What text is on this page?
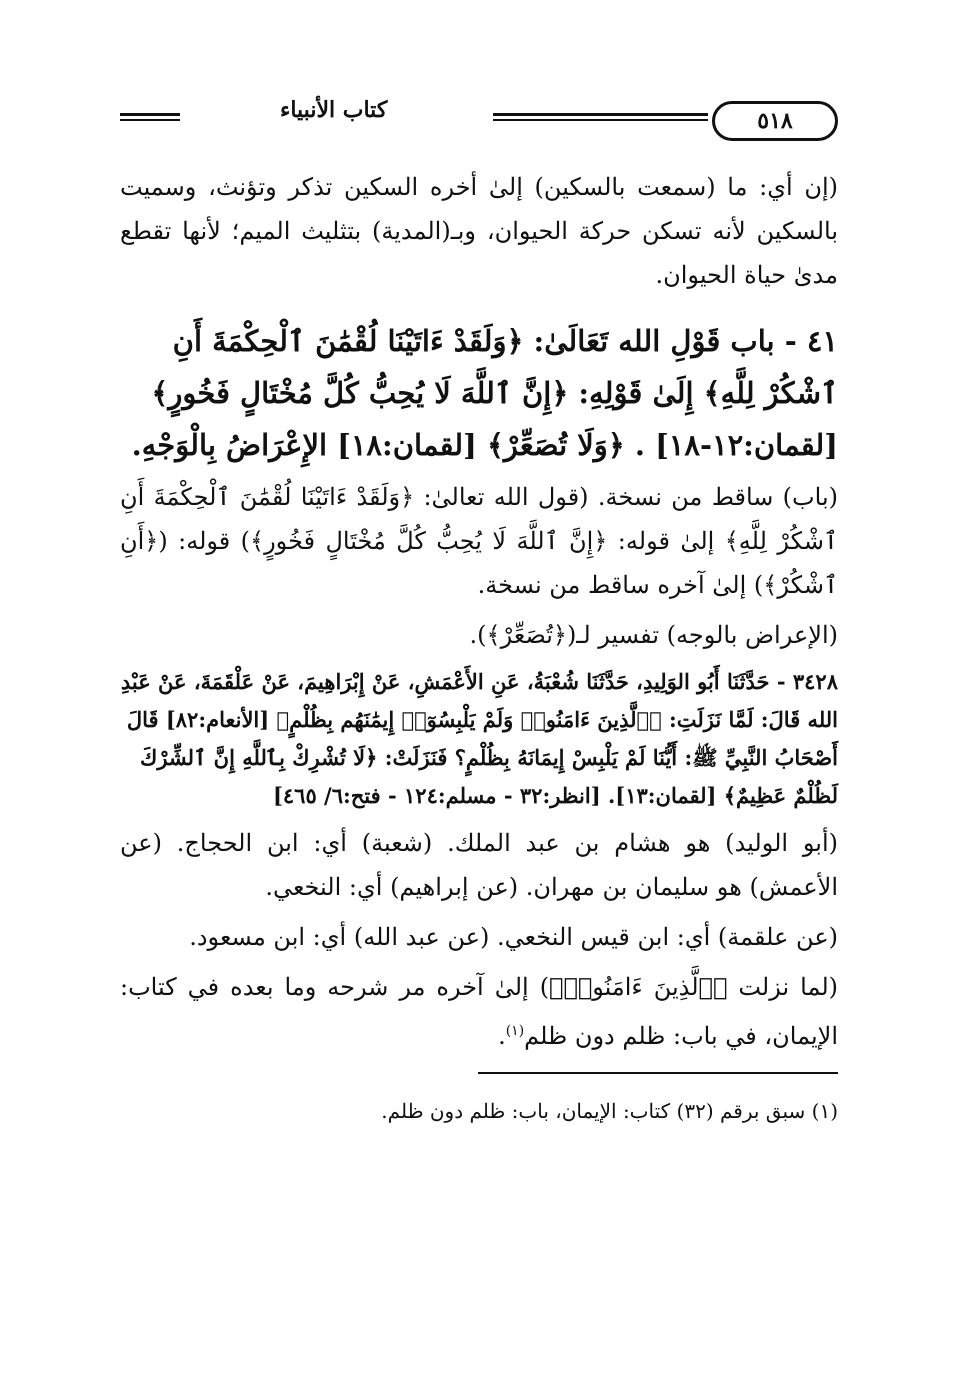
٥١٨
كتاب الأنبياء

(إن أي: ما (سمعت بالسكين) إلىٰ أخره السكين تذكر وتؤنث، وسميت بالسكين لأنه تسكن حركة الحيوان، وبـ(المدية) بتثليث الميم؛ لأنها تقطع مدىٰ حياة الحيوان.

٤١ - باب قَوْلِ الله تَعَالَىٰ: ﴿وَلَقَدْ ءَاتَيْنَا لُقْمَٰنَ ٱلْحِكْمَةَ أَنِ ٱشْكُرْ لِلَّهِ﴾ إِلَىٰ قَوْلِهِ: ﴿إِنَّ ٱللَّهَ لَا يُحِبُّ كُلَّ مُخْتَالٍ فَخُورٍ﴾ [لقمان:١٢-١٨] . ﴿وَلَا تُصَعِّرْ﴾ [لقمان:١٨] الإِعْرَاضُ بِالْوَجْهِ.

(باب) ساقط من نسخة. (قول الله تعالىٰ: ﴿وَلَقَدْ ءَاتَيْنَا لُقْمَٰنَ ٱلْحِكْمَةَ أَنِ ٱشْكُرْ لِلَّهِ﴾ إلىٰ قوله: ﴿إِنَّ ٱللَّهَ لَا يُحِبُّ كُلَّ مُخْتَالٍ فَخُورٍ﴾) قوله: (﴿أَنِ ٱشْكُرْ﴾) إلىٰ آخره ساقط من نسخة.

(الإعراض بالوجه) تفسير لـ(﴿تُصَعِّرْ﴾).

٣٤٢٨ - حَدَّثَنَا أَبُو الوَلِيدِ، حَدَّثَنَا شُعْبَةُ، عَنِ الأَعْمَشِ، عَنْ إِبْرَاهِيمَ، عَنْ عَلْقَمَةَ، عَنْ عَبْدِ الله قَالَ: لَمَّا نَزَلَتِ: ﴿ٱلَّذِينَ ءَامَنُوا۟ وَلَمْ يَلْبِسُوٓا۟ إِيمَٰنَهُم بِظُلْمٍ﴾ [الأنعام:٨٢] قَالَ أَصْحَابُ النَّبِيِّ ﷺ: أَيُّنَا لَمْ يَلْبِسْ إِيمَانَهُ بِظُلْمٍ؟ فَنَزَلَتْ: ﴿لَا تُشْرِكْ بِٱللَّهِ إِنَّ ٱلشِّرْكَ لَظُلْمٌ عَظِيمٌ﴾ [لقمان:١٣]. [انظر:٣٢ - مسلم:١٢٤ - فتح:٦/ ٤٦٥]

(أبو الوليد) هو هشام بن عبد الملك. (شعبة) أي: ابن الحجاج. (عن الأعمش) هو سليمان بن مهران. (عن إبراهيم) أي: النخعي.

(عن علقمة) أي: ابن قيس النخعي. (عن عبد الله) أي: ابن مسعود.

(لما نزلت ﴿ٱلَّذِينَ ءَامَنُوا۟﴾) إلىٰ آخره مر شرحه وما بعده في كتاب: الإيمان، في باب: ظلم دون ظلم$^{(١)}$.

(١) سبق برقم (٣٢) كتاب: الإيمان، باب: ظلم دون ظلم.
